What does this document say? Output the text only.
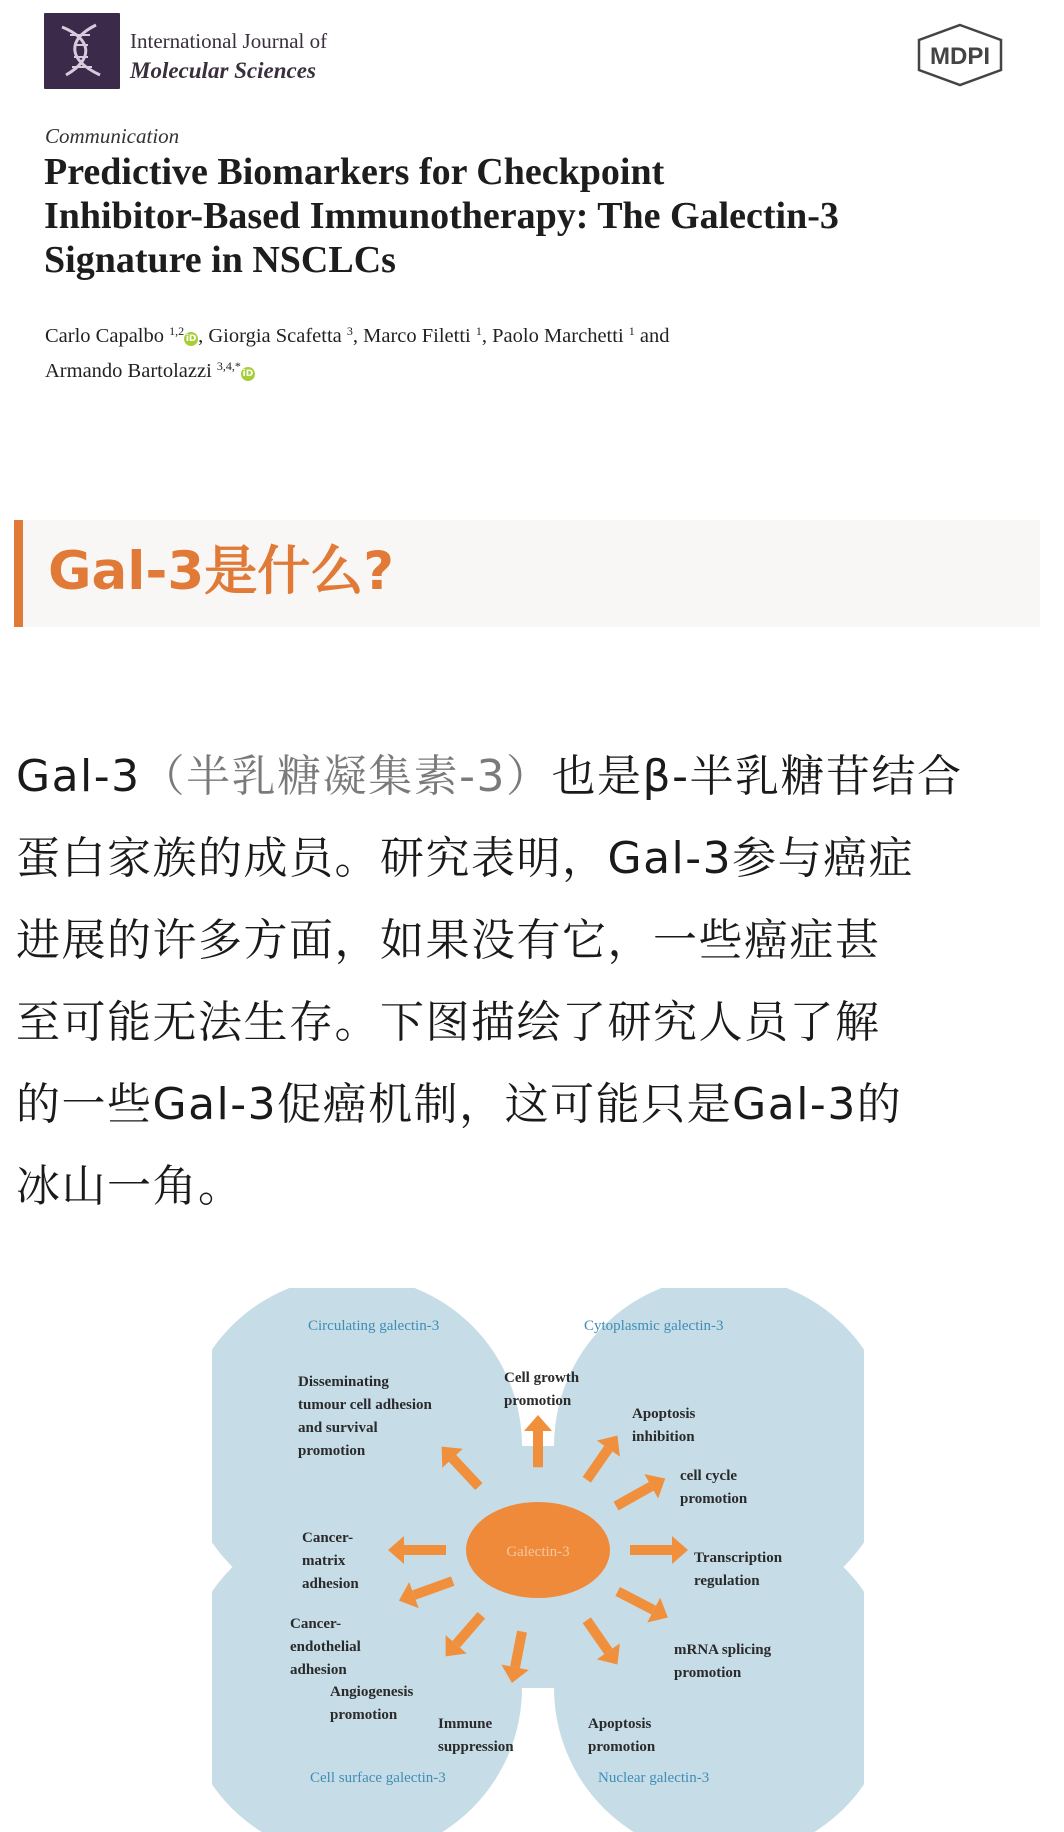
International Journal of
Molecular Sciences
MDPI
Communication
Predictive Biomarkers for Checkpoint
Inhibitor-Based Immunotherapy: The Galectin-3
Signature in NSCLCs
Carlo Capalbo $^{1,2}$iD, Giorgia Scafetta $^3$, Marco Filetti $^1$, Paolo Marchetti $^1$ and
Armando Bartolazzi $^{3,4,*}$iD
Gal-3是什么?
Gal-3（半乳糖凝集素-3）也是β-半乳糖苷结合
蛋白家族的成员。研究表明，Gal-3参与癌症
进展的许多方面，如果没有它，一些癌症甚
至可能无法生存。下图描绘了研究人员了解
的一些Gal-3促癌机制，这可能只是Gal-3的
冰山一角。
Galectin-3
Circulating galectin-3	Cytoplasmic galectin-3
Cell surface galectin-3	Nuclear galectin-3
Disseminating tumour cell adhesion and survival promotion
Cell growth promotion
Apoptosis inhibition
cell cycle promotion
Transcription regulation
mRNA splicing promotion
Apoptosis promotion
Immune suppression
Angiogenesis promotion
Cancer-endothelial adhesion
Cancer-matrix adhesion
